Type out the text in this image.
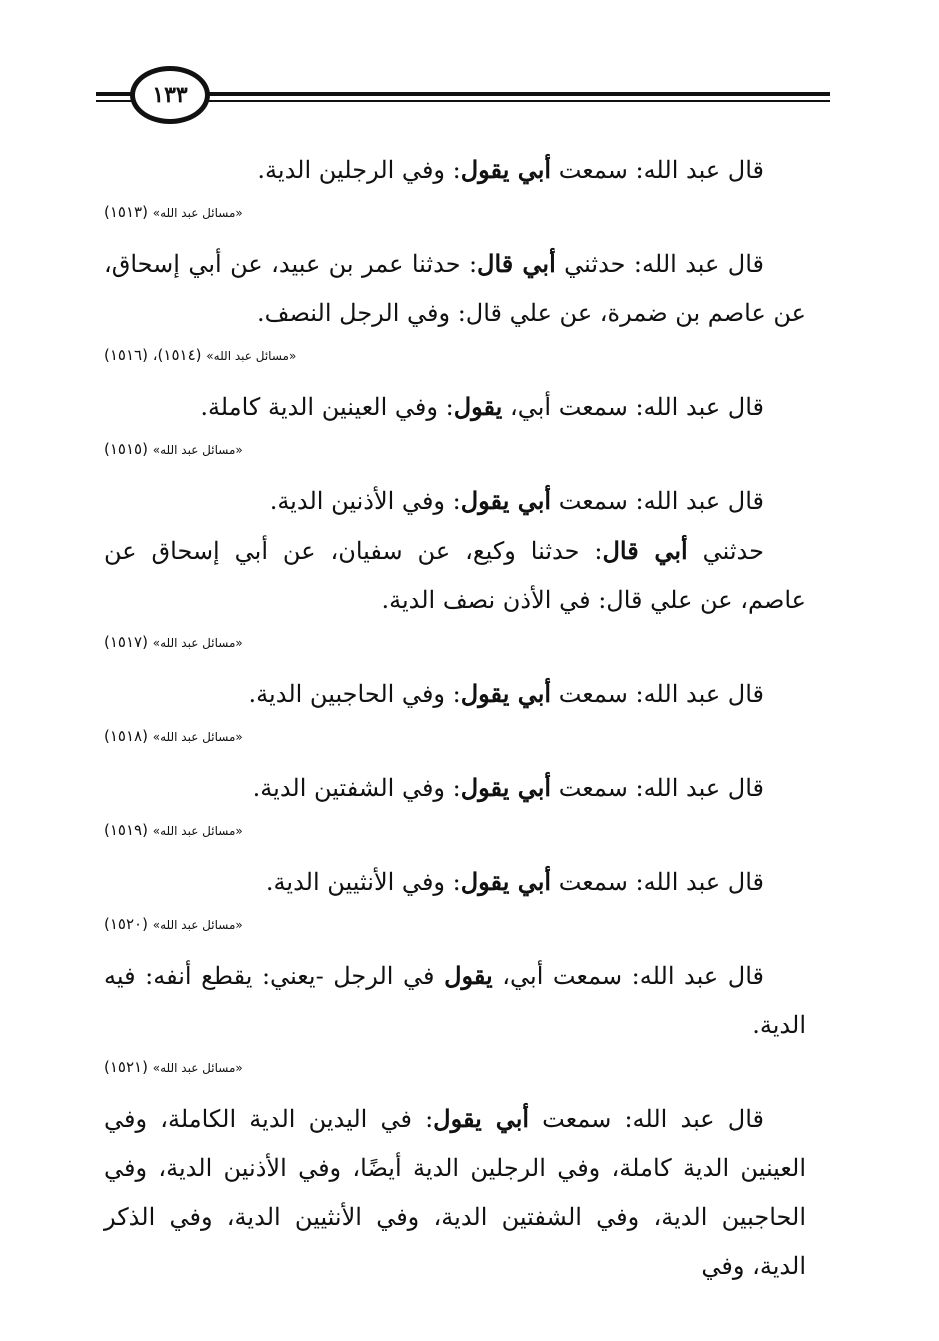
١٣٣

قال عبد الله: سمعت أبي يقول: وفي الرجلين الدية.

«مسائل عبد الله» (١٥١٣)

قال عبد الله: حدثني أبي قال: حدثنا عمر بن عبيد، عن أبي إسحاق، عن عاصم بن ضمرة، عن علي قال: وفي الرجل النصف.

«مسائل عبد الله» (١٥١٤)، (١٥١٦)

قال عبد الله: سمعت أبي، يقول: وفي العينين الدية كاملة.

«مسائل عبد الله» (١٥١٥)

قال عبد الله: سمعت أبي يقول: وفي الأذنين الدية.

حدثني أبي قال: حدثنا وكيع، عن سفيان، عن أبي إسحاق عن عاصم، عن علي قال: في الأذن نصف الدية.

«مسائل عبد الله» (١٥١٧)

قال عبد الله: سمعت أبي يقول: وفي الحاجبين الدية.

«مسائل عبد الله» (١٥١٨)

قال عبد الله: سمعت أبي يقول: وفي الشفتين الدية.

«مسائل عبد الله» (١٥١٩)

قال عبد الله: سمعت أبي يقول: وفي الأنثيين الدية.

«مسائل عبد الله» (١٥٢٠)

قال عبد الله: سمعت أبي، يقول في الرجل -يعني: يقطع أنفه: فيه الدية.

«مسائل عبد الله» (١٥٢١)

قال عبد الله: سمعت أبي يقول: في اليدين الدية الكاملة، وفي العينين الدية كاملة، وفي الرجلين الدية أيضًا، وفي الأذنين الدية، وفي الحاجبين الدية، وفي الشفتين الدية، وفي الأنثيين الدية، وفي الذكر الدية، وفي
